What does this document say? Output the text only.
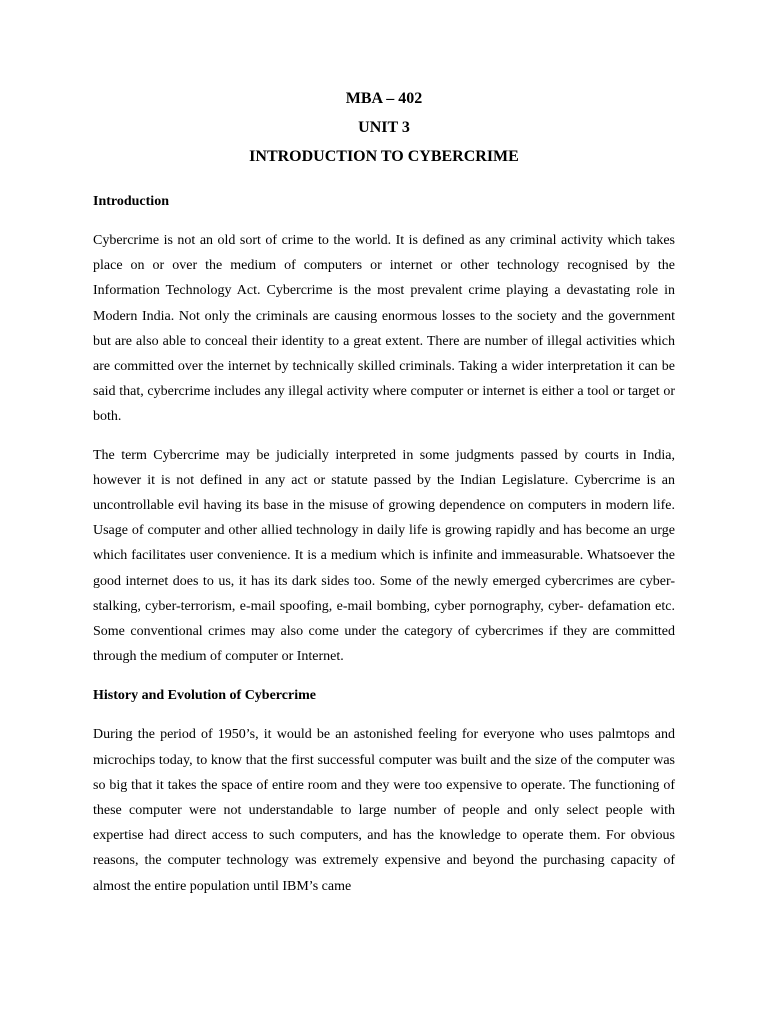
MBA – 402
UNIT 3
INTRODUCTION TO CYBERCRIME
Introduction

Cybercrime is not an old sort of crime to the world. It is defined as any criminal activity which takes place on or over the medium of computers or internet or other technology recognised by the Information Technology Act. Cybercrime is the most prevalent crime playing a devastating role in Modern India. Not only the criminals are causing enormous losses to the society and the government but are also able to conceal their identity to a great extent. There are number of illegal activities which are committed over the internet by technically skilled criminals. Taking a wider interpretation it can be said that, cybercrime includes any illegal activity where computer or internet is either a tool or target or both.

The term Cybercrime may be judicially interpreted in some judgments passed by courts in India, however it is not defined in any act or statute passed by the Indian Legislature. Cybercrime is an uncontrollable evil having its base in the misuse of growing dependence on computers in modern life. Usage of computer and other allied technology in daily life is growing rapidly and has become an urge which facilitates user convenience. It is a medium which is infinite and immeasurable. Whatsoever the good internet does to us, it has its dark sides too. Some of the newly emerged cybercrimes are cyber-stalking, cyber-terrorism, e-mail spoofing, e-mail bombing, cyber pornography, cyber- defamation etc. Some conventional crimes may also come under the category of cybercrimes if they are committed through the medium of computer or Internet.

History and Evolution of Cybercrime

During the period of 1950’s, it would be an astonished feeling for everyone who uses palmtops and microchips today, to know that the first successful computer was built and the size of the computer was so big that it takes the space of entire room and they were too expensive to operate. The functioning of these computer were not understandable to large number of people and only select people with expertise had direct access to such computers, and has the knowledge to operate them. For obvious reasons, the computer technology was extremely expensive and beyond the purchasing capacity of almost the entire population until IBM’s came
